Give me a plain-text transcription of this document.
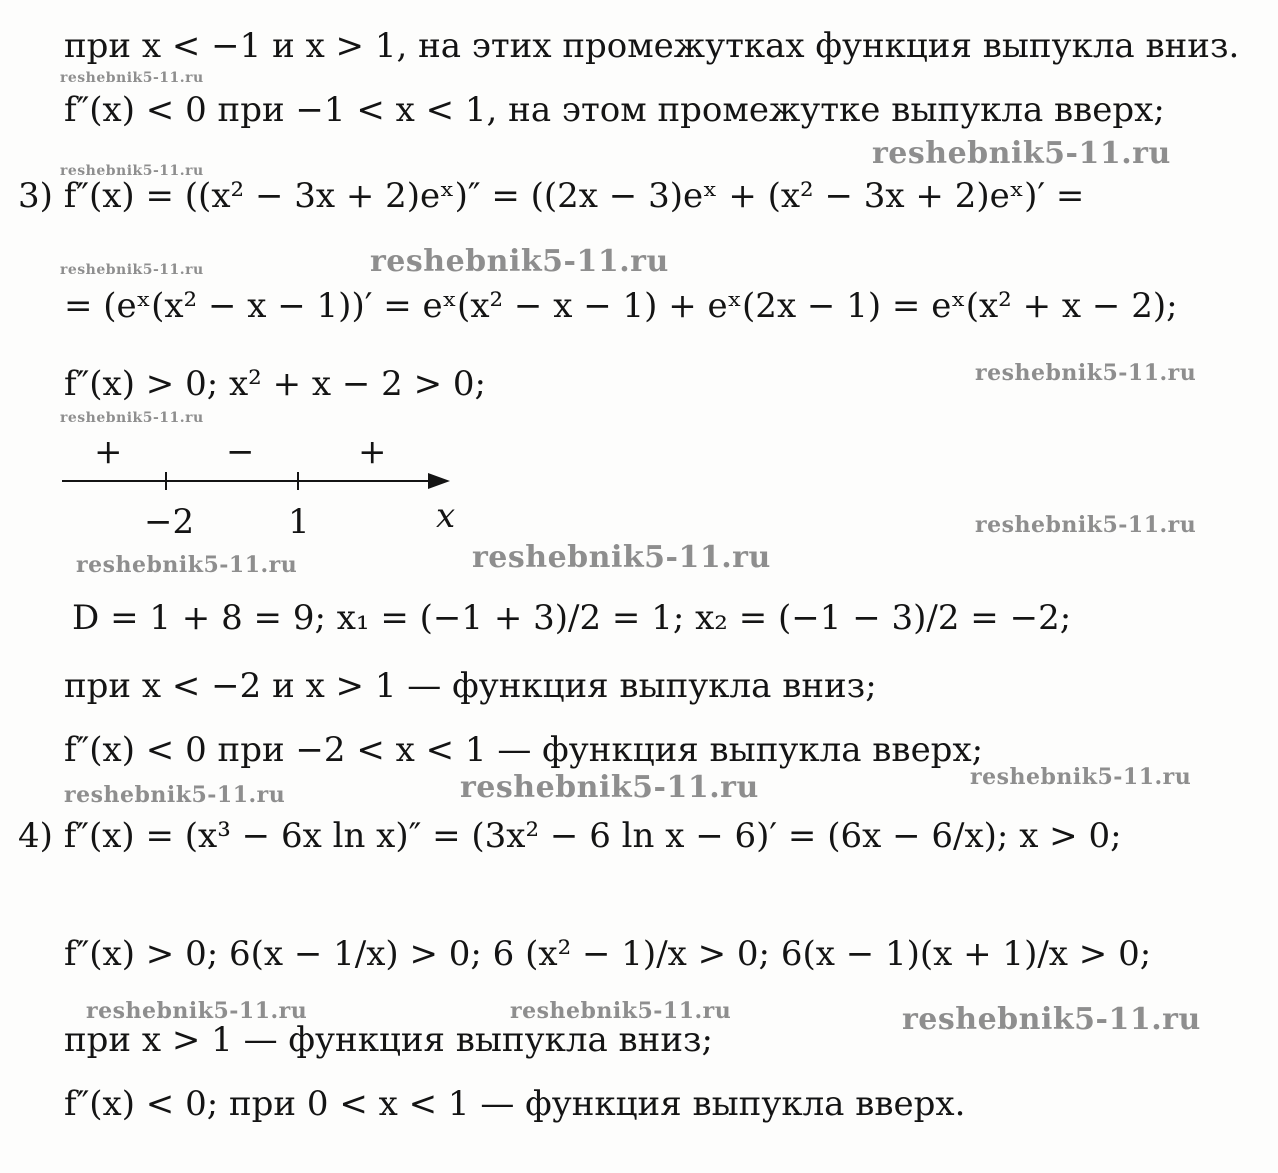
при x < −1 и x > 1, на этих промежутках функция выпукла вниз.
f″(x) < 0 при −1 < x < 1, на этом промежутке выпукла вверх;
3) f″(x) = ((x² − 3x + 2)eˣ)″ = ((2x − 3)eˣ + (x² − 3x + 2)eˣ)′ =
= (eˣ(x² − x − 1))′ = eˣ(x² − x − 1) + eˣ(2x − 1) = eˣ(x² + x − 2);
f″(x) > 0; x² + x − 2 > 0;
+	−	+
−2	1	x
D = 1 + 8 = 9; x₁ = (−1 + 3)/2 = 1; x₂ = (−1 − 3)/2 = −2;
при x < −2 и x > 1 — функция выпукла вниз;
f″(x) < 0 при −2 < x < 1 — функция выпукла вверх;
4) f″(x) = (x³ − 6x ln x)″ = (3x² − 6 ln x − 6)′ = (6x − 6/x); x > 0;
f″(x) > 0; 6(x − 1/x) > 0; 6 (x² − 1)/x > 0; 6(x − 1)(x + 1)/x > 0;
при x > 1 — функция выпукла вниз;
f″(x) < 0; при 0 < x < 1 — функция выпукла вверх.
reshebnik5-11.ru
reshebnik5-11.ru
reshebnik5-11.ru
reshebnik5-11.ru
reshebnik5-11.ru
reshebnik5-11.ru
reshebnik5-11.ru
reshebnik5-11.ru
reshebnik5-11.ru
reshebnik5-11.ru
reshebnik5-11.ru	reshebnik5-11.ru
reshebnik5-11.ru
reshebnik5-11.ru	reshebnik5-11.ru	reshebnik5-11.ru
